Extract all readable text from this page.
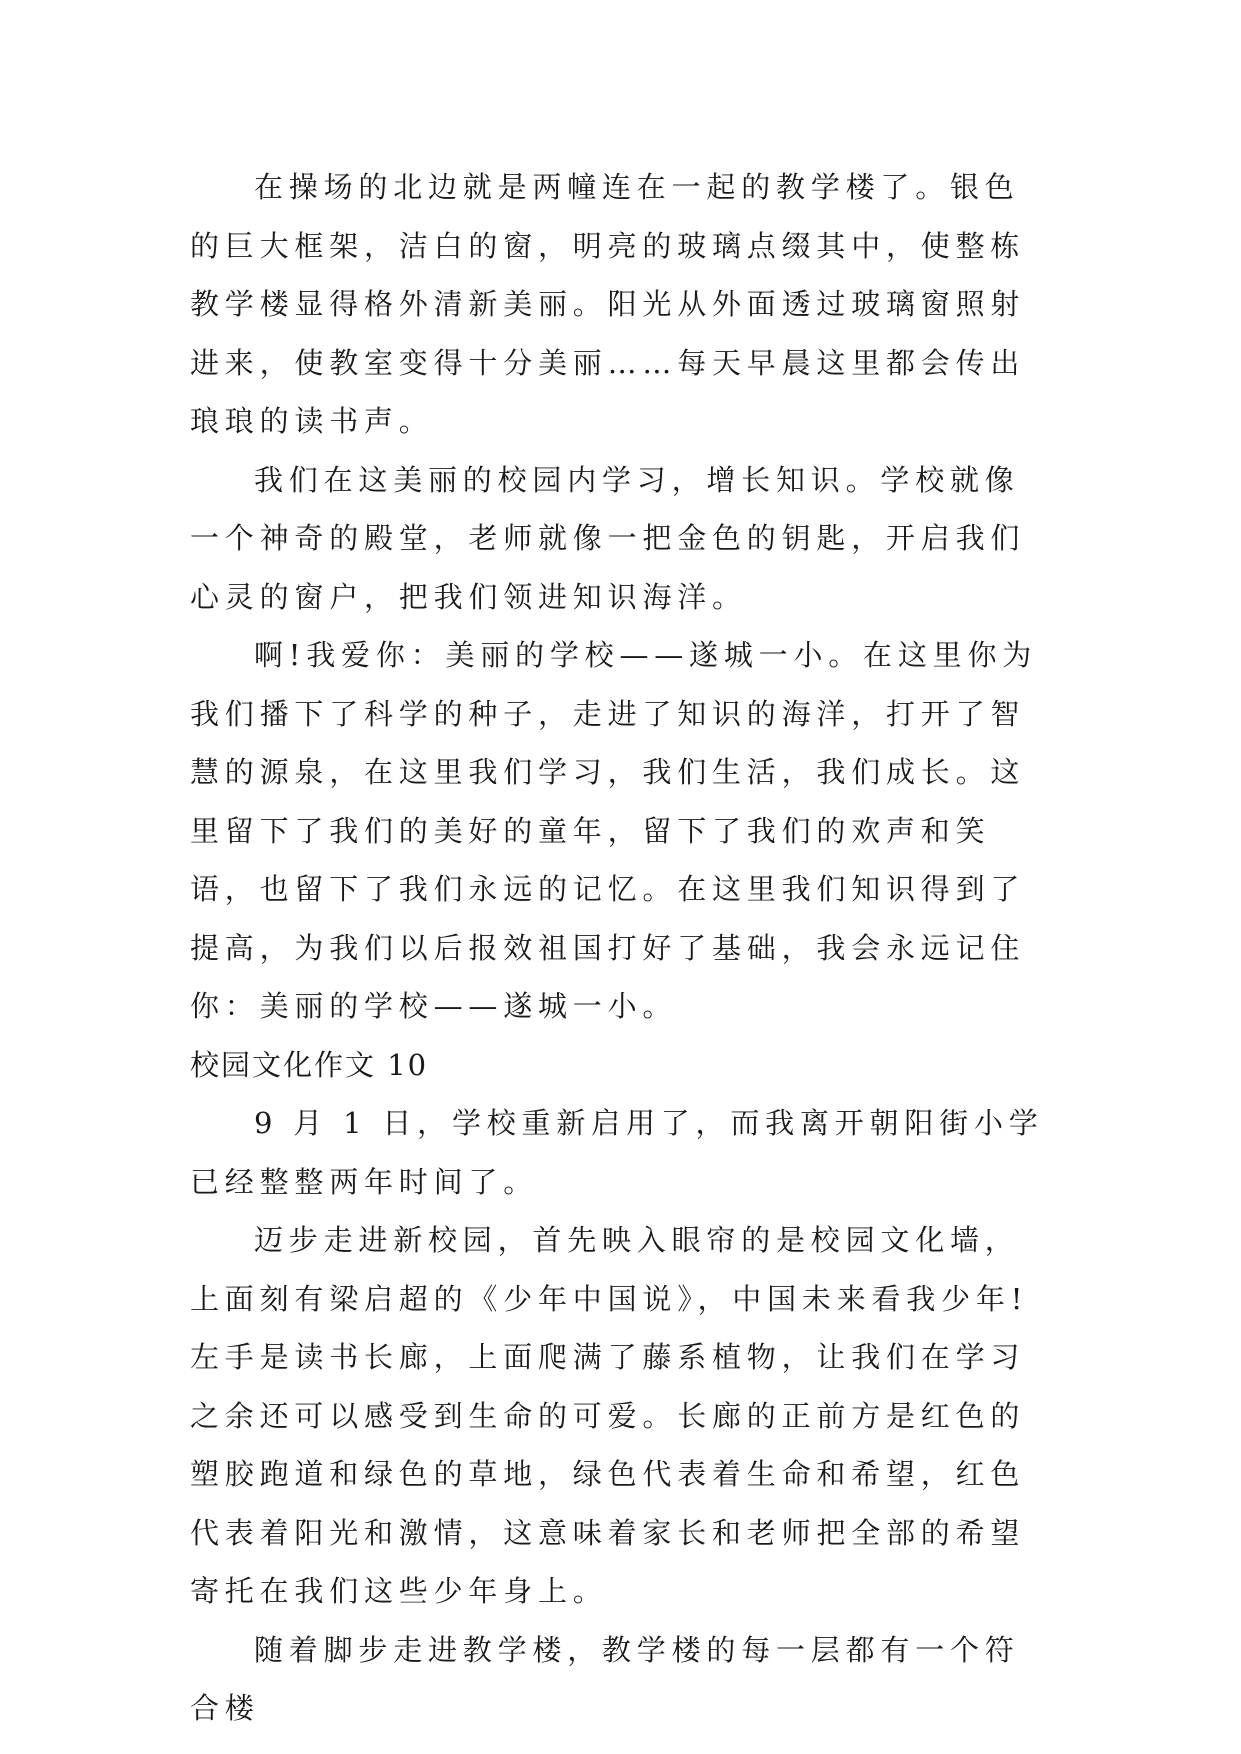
在操场的北边就是两幢连在一起的教学楼了。银色的巨大框架，洁白的窗，明亮的玻璃点缀其中，使整栋教学楼显得格外清新美丽。阳光从外面透过玻璃窗照射进来，使教室变得十分美丽……每天早晨这里都会传出琅琅的读书声。

我们在这美丽的校园内学习，增长知识。学校就像一个神奇的殿堂，老师就像一把金色的钥匙，开启我们心灵的窗户，把我们领进知识海洋。

啊!我爱你：美丽的学校——遂城一小。在这里你为我们播下了科学的种子，走进了知识的海洋，打开了智慧的源泉，在这里我们学习，我们生活，我们成长。这里留下了我们的美好的童年，留下了我们的欢声和笑语，也留下了我们永远的记忆。在这里我们知识得到了提高，为我们以后报效祖国打好了基础，我会永远记住你：美丽的学校——遂城一小。

校园文化作文 10

9 月 1 日，学校重新启用了，而我离开朝阳街小学已经整整两年时间了。

迈步走进新校园，首先映入眼帘的是校园文化墙，上面刻有梁启超的《少年中国说》，中国未来看我少年!左手是读书长廊，上面爬满了藤系植物，让我们在学习之余还可以感受到生命的可爱。长廊的正前方是红色的塑胶跑道和绿色的草地，绿色代表着生命和希望，红色代表着阳光和激情，这意味着家长和老师把全部的希望寄托在我们这些少年身上。

随着脚步走进教学楼，教学楼的每一层都有一个符合楼
